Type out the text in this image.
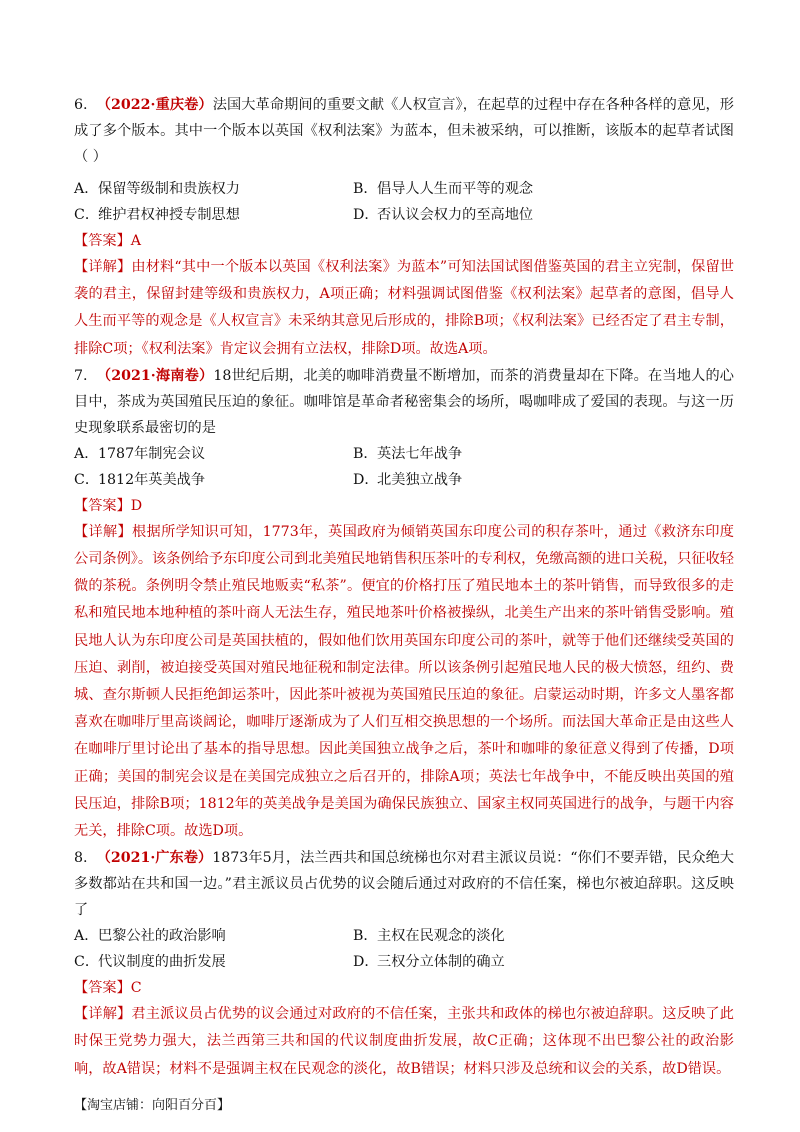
6. （2022·重庆卷）法国大革命期间的重要文献《人权宣言》，在起草的过程中存在各种各样的意见，形成了多个版本。其中一个版本以英国《权利法案》为蓝本，但未被采纳，可以推断，该版本的起草者试图（ ）

A．保留等级制和贵族权力	B．倡导人人生而平等的观念
C．维护君权神授专制思想	D．否认议会权力的至高地位

【答案】A

【详解】由材料“其中一个版本以英国《权利法案》为蓝本”可知法国试图借鉴英国的君主立宪制，保留世袭的君主，保留封建等级和贵族权力，A项正确；材料强调试图借鉴《权利法案》起草者的意图，倡导人人生而平等的观念是《人权宣言》未采纳其意见后形成的，排除B项；《权利法案》已经否定了君主专制，排除C项；《权利法案》肯定议会拥有立法权，排除D项。故选A项。

7. （2021·海南卷）18世纪后期，北美的咖啡消费量不断增加，而茶的消费量却在下降。在当地人的心目中，茶成为英国殖民压迫的象征。咖啡馆是革命者秘密集会的场所，喝咖啡成了爱国的表现。与这一历史现象联系最密切的是

A．1787年制宪会议	B．英法七年战争
C．1812年英美战争	D．北美独立战争

【答案】D

【详解】根据所学知识可知，1773年，英国政府为倾销英国东印度公司的积存茶叶，通过《救济东印度公司条例》。该条例给予东印度公司到北美殖民地销售积压茶叶的专利权，免缴高额的进口关税，只征收轻微的茶税。条例明令禁止殖民地贩卖“私茶”。便宜的价格打压了殖民地本土的茶叶销售，而导致很多的走私和殖民地本地种植的茶叶商人无法生存，殖民地茶叶价格被操纵，北美生产出来的茶叶销售受影响。殖民地人认为东印度公司是英国扶植的，假如他们饮用英国东印度公司的茶叶，就等于他们还继续受英国的压迫、剥削，被迫接受英国对殖民地征税和制定法律。所以该条例引起殖民地人民的极大愤怒，纽约、费城、查尔斯顿人民拒绝卸运茶叶，因此茶叶被视为英国殖民压迫的象征。启蒙运动时期，许多文人墨客都喜欢在咖啡厅里高谈阔论，咖啡厅逐渐成为了人们互相交换思想的一个场所。而法国大革命正是由这些人在咖啡厅里讨论出了基本的指导思想。因此美国独立战争之后，茶叶和咖啡的象征意义得到了传播，D项正确；美国的制宪会议是在美国完成独立之后召开的，排除A项；英法七年战争中，不能反映出英国的殖民压迫，排除B项；1812年的英美战争是美国为确保民族独立、国家主权同英国进行的战争，与题干内容无关，排除C项。故选D项。

8. （2021·广东卷）1873年5月，法兰西共和国总统梯也尔对君主派议员说：“你们不要弄错，民众绝大多数都站在共和国一边。”君主派议员占优势的议会随后通过对政府的不信任案，梯也尔被迫辞职。这反映了

A．巴黎公社的政治影响	B．主权在民观念的淡化
C．代议制度的曲折发展	D．三权分立体制的确立

【答案】C

【详解】君主派议员占优势的议会通过对政府的不信任案，主张共和政体的梯也尔被迫辞职。这反映了此时保王党势力强大，法兰西第三共和国的代议制度曲折发展，故C正确；这体现不出巴黎公社的政治影响，故A错误；材料不是强调主权在民观念的淡化，故B错误；材料只涉及总统和议会的关系，故D错误。

【淘宝店铺：向阳百分百】
